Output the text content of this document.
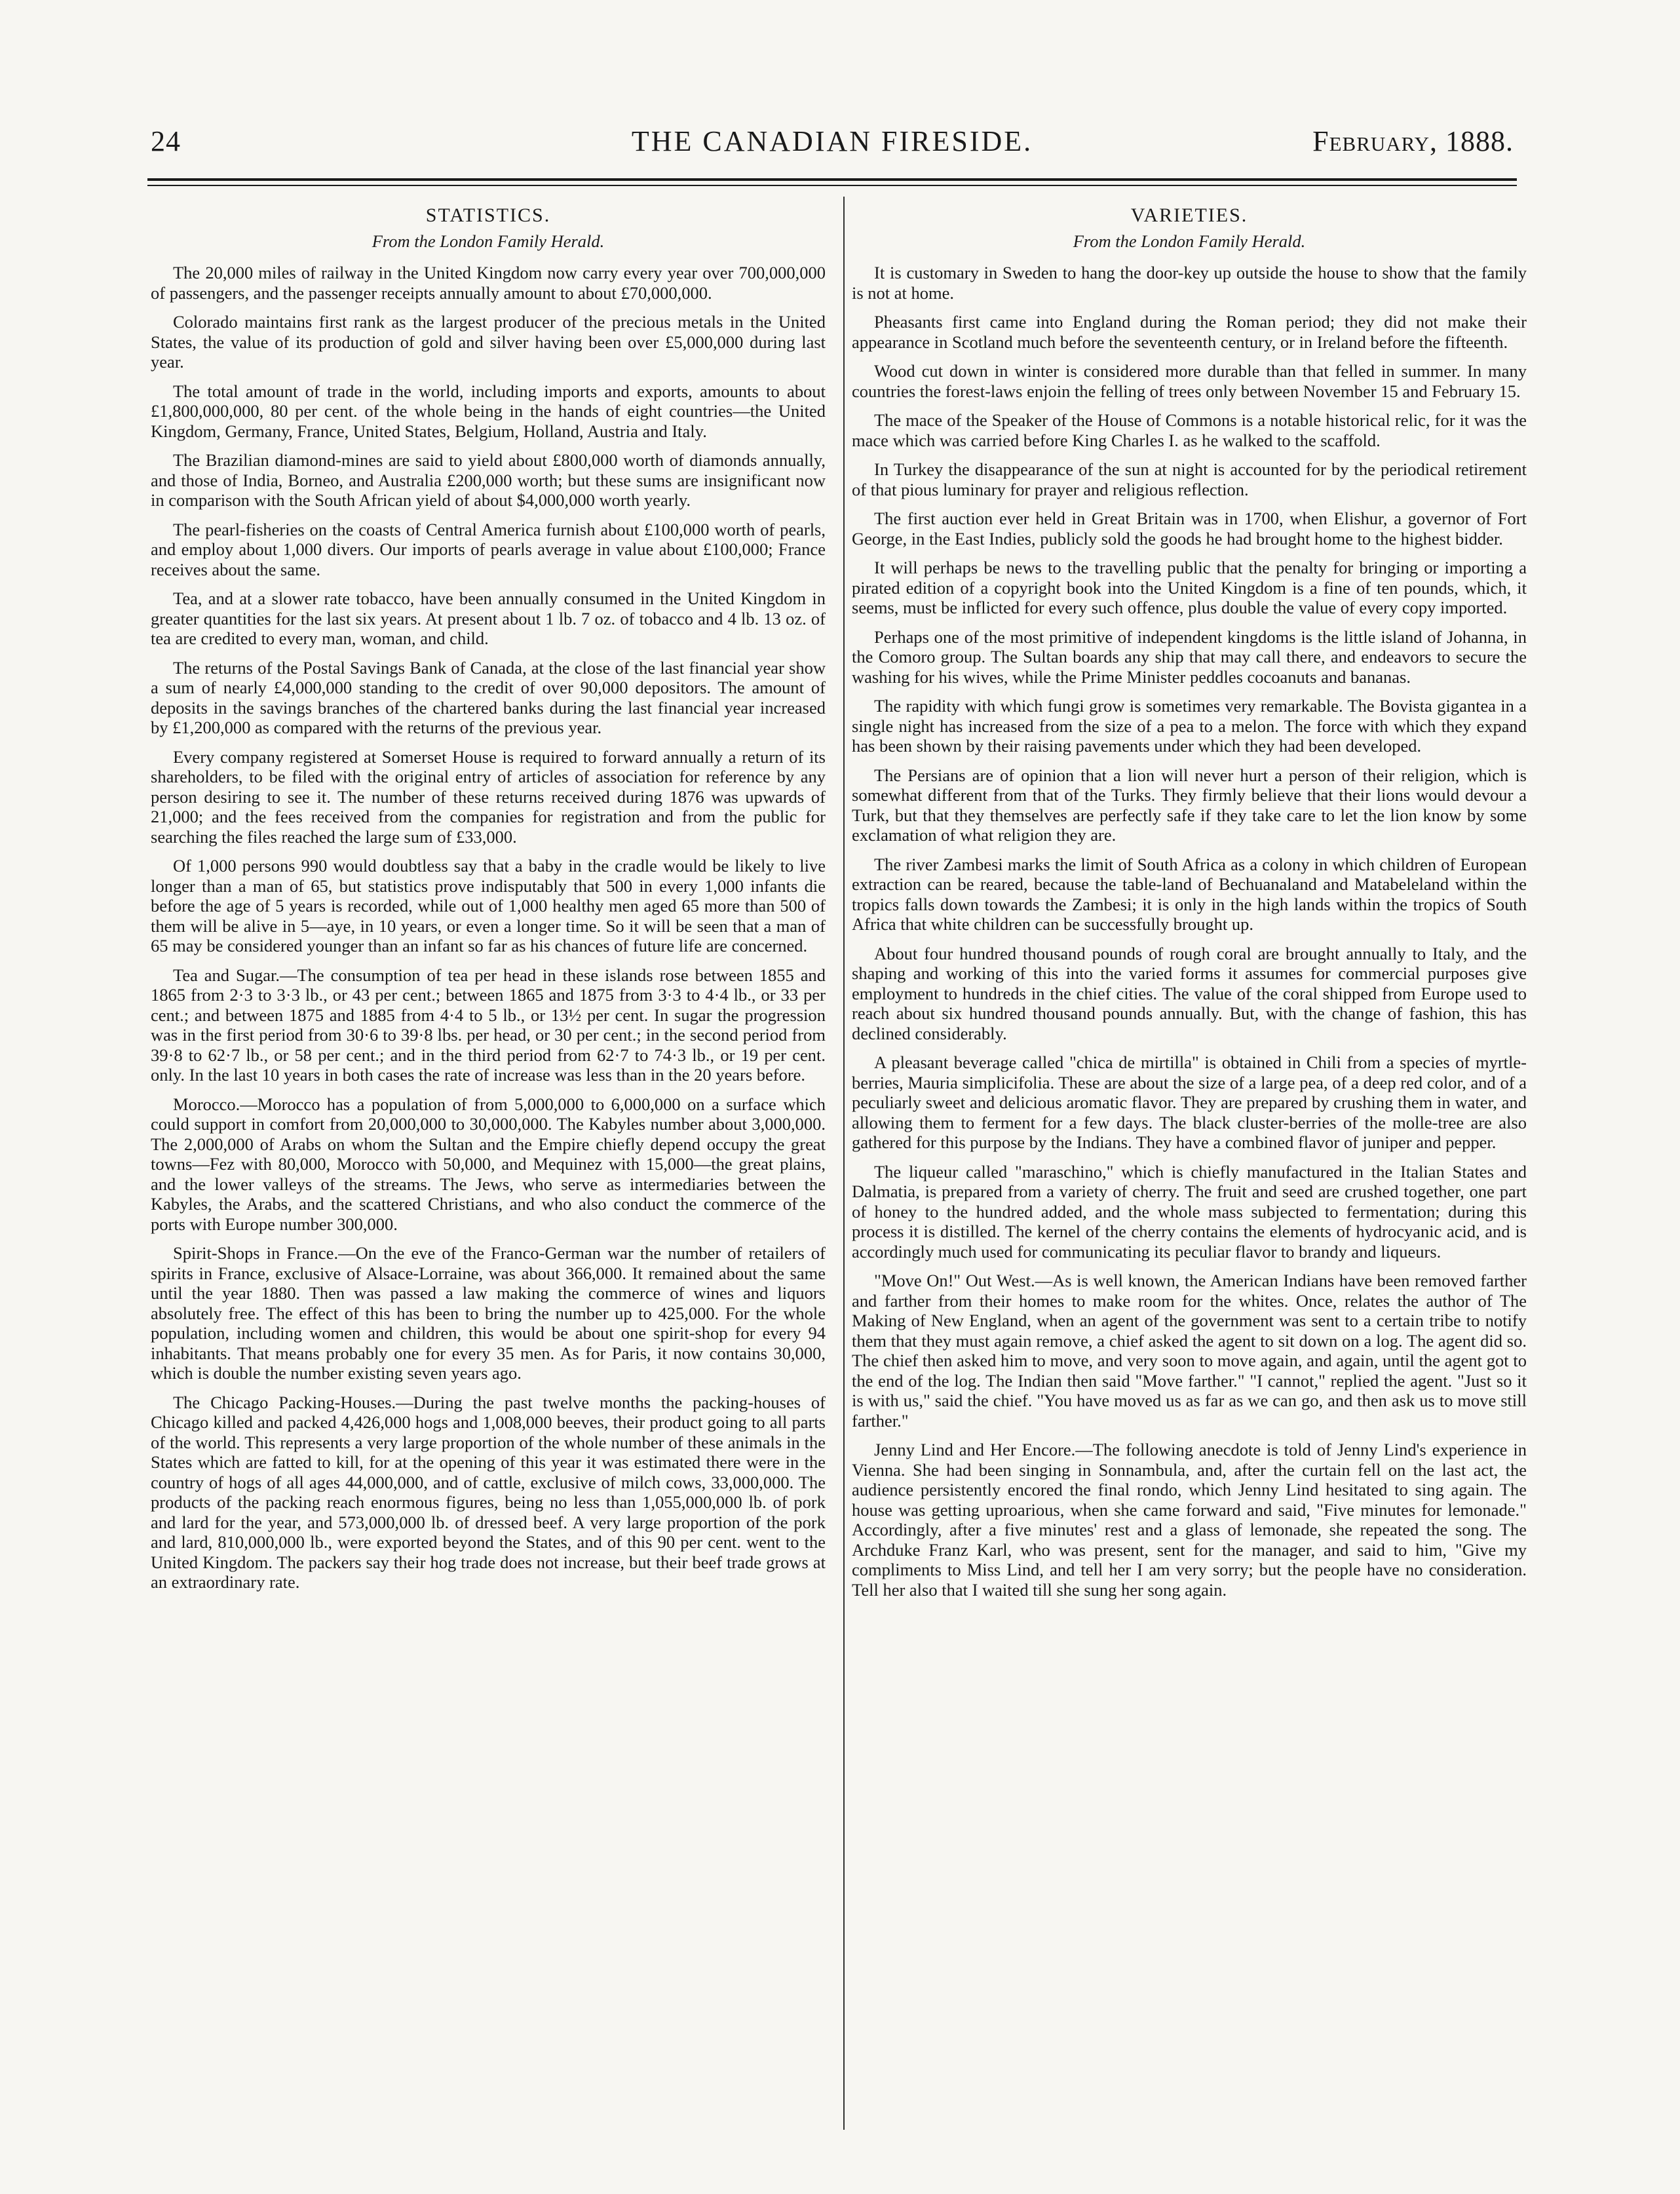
24	THE CANADIAN FIRESIDE.	February, 1888.
STATISTICS.
From the London Family Herald.

The 20,000 miles of railway in the United Kingdom now carry every year over 700,000,000 of passengers, and the passenger receipts annually amount to about £70,000,000.

Colorado maintains first rank as the largest producer of the precious metals in the United States, the value of its production of gold and silver having been over £5,000,000 during last year.

The total amount of trade in the world, including imports and exports, amounts to about £1,800,000,000, 80 per cent. of the whole being in the hands of eight countries—the United Kingdom, Germany, France, United States, Belgium, Holland, Austria and Italy.

The Brazilian diamond-mines are said to yield about £800,000 worth of diamonds annually, and those of India, Borneo, and Australia £200,000 worth; but these sums are insignificant now in comparison with the South African yield of about $4,000,000 worth yearly.

The pearl-fisheries on the coasts of Central America furnish about £100,000 worth of pearls, and employ about 1,000 divers. Our imports of pearls average in value about £100,000; France receives about the same.

Tea, and at a slower rate tobacco, have been annually consumed in the United Kingdom in greater quantities for the last six years. At present about 1 lb. 7 oz. of tobacco and 4 lb. 13 oz. of tea are credited to every man, woman, and child.

The returns of the Postal Savings Bank of Canada, at the close of the last financial year show a sum of nearly £4,000,000 standing to the credit of over 90,000 depositors. The amount of deposits in the savings branches of the chartered banks during the last financial year increased by £1,200,000 as compared with the returns of the previous year.

Every company registered at Somerset House is required to forward annually a return of its shareholders, to be filed with the original entry of articles of association for reference by any person desiring to see it. The number of these returns received during 1876 was upwards of 21,000; and the fees received from the companies for registration and from the public for searching the files reached the large sum of £33,000.

Of 1,000 persons 990 would doubtless say that a baby in the cradle would be likely to live longer than a man of 65, but statistics prove indisputably that 500 in every 1,000 infants die before the age of 5 years is recorded, while out of 1,000 healthy men aged 65 more than 500 of them will be alive in 5—aye, in 10 years, or even a longer time. So it will be seen that a man of 65 may be considered younger than an infant so far as his chances of future life are concerned.

Tea and Sugar.—The consumption of tea per head in these islands rose between 1855 and 1865 from 2·3 to 3·3 lb., or 43 per cent.; between 1865 and 1875 from 3·3 to 4·4 lb., or 33 per cent.; and between 1875 and 1885 from 4·4 to 5 lb., or 13½ per cent. In sugar the progression was in the first period from 30·6 to 39·8 lbs. per head, or 30 per cent.; in the second period from 39·8 to 62·7 lb., or 58 per cent.; and in the third period from 62·7 to 74·3 lb., or 19 per cent. only. In the last 10 years in both cases the rate of increase was less than in the 20 years before.

Morocco.—Morocco has a population of from 5,000,000 to 6,000,000 on a surface which could support in comfort from 20,000,000 to 30,000,000. The Kabyles number about 3,000,000. The 2,000,000 of Arabs on whom the Sultan and the Empire chiefly depend occupy the great towns—Fez with 80,000, Morocco with 50,000, and Mequinez with 15,000—the great plains, and the lower valleys of the streams. The Jews, who serve as intermediaries between the Kabyles, the Arabs, and the scattered Christians, and who also conduct the commerce of the ports with Europe number 300,000.

Spirit-Shops in France.—On the eve of the Franco-German war the number of retailers of spirits in France, exclusive of Alsace-Lorraine, was about 366,000. It remained about the same until the year 1880. Then was passed a law making the commerce of wines and liquors absolutely free. The effect of this has been to bring the number up to 425,000. For the whole population, including women and children, this would be about one spirit-shop for every 94 inhabitants. That means probably one for every 35 men. As for Paris, it now contains 30,000, which is double the number existing seven years ago.

The Chicago Packing-Houses.—During the past twelve months the packing-houses of Chicago killed and packed 4,426,000 hogs and 1,008,000 beeves, their product going to all parts of the world. This represents a very large proportion of the whole number of these animals in the States which are fatted to kill, for at the opening of this year it was estimated there were in the country of hogs of all ages 44,000,000, and of cattle, exclusive of milch cows, 33,000,000. The products of the packing reach enormous figures, being no less than 1,055,000,000 lb. of pork and lard for the year, and 573,000,000 lb. of dressed beef. A very large proportion of the pork and lard, 810,000,000 lb., were exported beyond the States, and of this 90 per cent. went to the United Kingdom. The packers say their hog trade does not increase, but their beef trade grows at an extraordinary rate.

VARIETIES.
From the London Family Herald.

It is customary in Sweden to hang the door-key up outside the house to show that the family is not at home.

Pheasants first came into England during the Roman period; they did not make their appearance in Scotland much before the seventeenth century, or in Ireland before the fifteenth.

Wood cut down in winter is considered more durable than that felled in summer. In many countries the forest-laws enjoin the felling of trees only between November 15 and February 15.

The mace of the Speaker of the House of Commons is a notable historical relic, for it was the mace which was carried before King Charles I. as he walked to the scaffold.

In Turkey the disappearance of the sun at night is accounted for by the periodical retirement of that pious luminary for prayer and religious reflection.

The first auction ever held in Great Britain was in 1700, when Elishur, a governor of Fort George, in the East Indies, publicly sold the goods he had brought home to the highest bidder.

It will perhaps be news to the travelling public that the penalty for bringing or importing a pirated edition of a copyright book into the United Kingdom is a fine of ten pounds, which, it seems, must be inflicted for every such offence, plus double the value of every copy imported.

Perhaps one of the most primitive of independent kingdoms is the little island of Johanna, in the Comoro group. The Sultan boards any ship that may call there, and endeavors to secure the washing for his wives, while the Prime Minister peddles cocoanuts and bananas.

The rapidity with which fungi grow is sometimes very remarkable. The Bovista gigantea in a single night has increased from the size of a pea to a melon. The force with which they expand has been shown by their raising pavements under which they had been developed.

The Persians are of opinion that a lion will never hurt a person of their religion, which is somewhat different from that of the Turks. They firmly believe that their lions would devour a Turk, but that they themselves are perfectly safe if they take care to let the lion know by some exclamation of what religion they are.

The river Zambesi marks the limit of South Africa as a colony in which children of European extraction can be reared, because the table-land of Bechuanaland and Matabeleland within the tropics falls down towards the Zambesi; it is only in the high lands within the tropics of South Africa that white children can be successfully brought up.

About four hundred thousand pounds of rough coral are brought annually to Italy, and the shaping and working of this into the varied forms it assumes for commercial purposes give employment to hundreds in the chief cities. The value of the coral shipped from Europe used to reach about six hundred thousand pounds annually. But, with the change of fashion, this has declined considerably.

A pleasant beverage called "chica de mirtilla" is obtained in Chili from a species of myrtle-berries, Mauria simplicifolia. These are about the size of a large pea, of a deep red color, and of a peculiarly sweet and delicious aromatic flavor. They are prepared by crushing them in water, and allowing them to ferment for a few days. The black cluster-berries of the molle-tree are also gathered for this purpose by the Indians. They have a combined flavor of juniper and pepper.

The liqueur called "maraschino," which is chiefly manufactured in the Italian States and Dalmatia, is prepared from a variety of cherry. The fruit and seed are crushed together, one part of honey to the hundred added, and the whole mass subjected to fermentation; during this process it is distilled. The kernel of the cherry contains the elements of hydrocyanic acid, and is accordingly much used for communicating its peculiar flavor to brandy and liqueurs.

"Move On!" Out West.—As is well known, the American Indians have been removed farther and farther from their homes to make room for the whites. Once, relates the author of The Making of New England, when an agent of the government was sent to a certain tribe to notify them that they must again remove, a chief asked the agent to sit down on a log. The agent did so. The chief then asked him to move, and very soon to move again, and again, until the agent got to the end of the log. The Indian then said "Move farther." "I cannot," replied the agent. "Just so it is with us," said the chief. "You have moved us as far as we can go, and then ask us to move still farther."

Jenny Lind and Her Encore.—The following anecdote is told of Jenny Lind's experience in Vienna. She had been singing in Sonnambula, and, after the curtain fell on the last act, the audience persistently encored the final rondo, which Jenny Lind hesitated to sing again. The house was getting uproarious, when she came forward and said, "Five minutes for lemonade." Accordingly, after a five minutes' rest and a glass of lemonade, she repeated the song. The Archduke Franz Karl, who was present, sent for the manager, and said to him, "Give my compliments to Miss Lind, and tell her I am very sorry; but the people have no consideration. Tell her also that I waited till she sung her song again.
